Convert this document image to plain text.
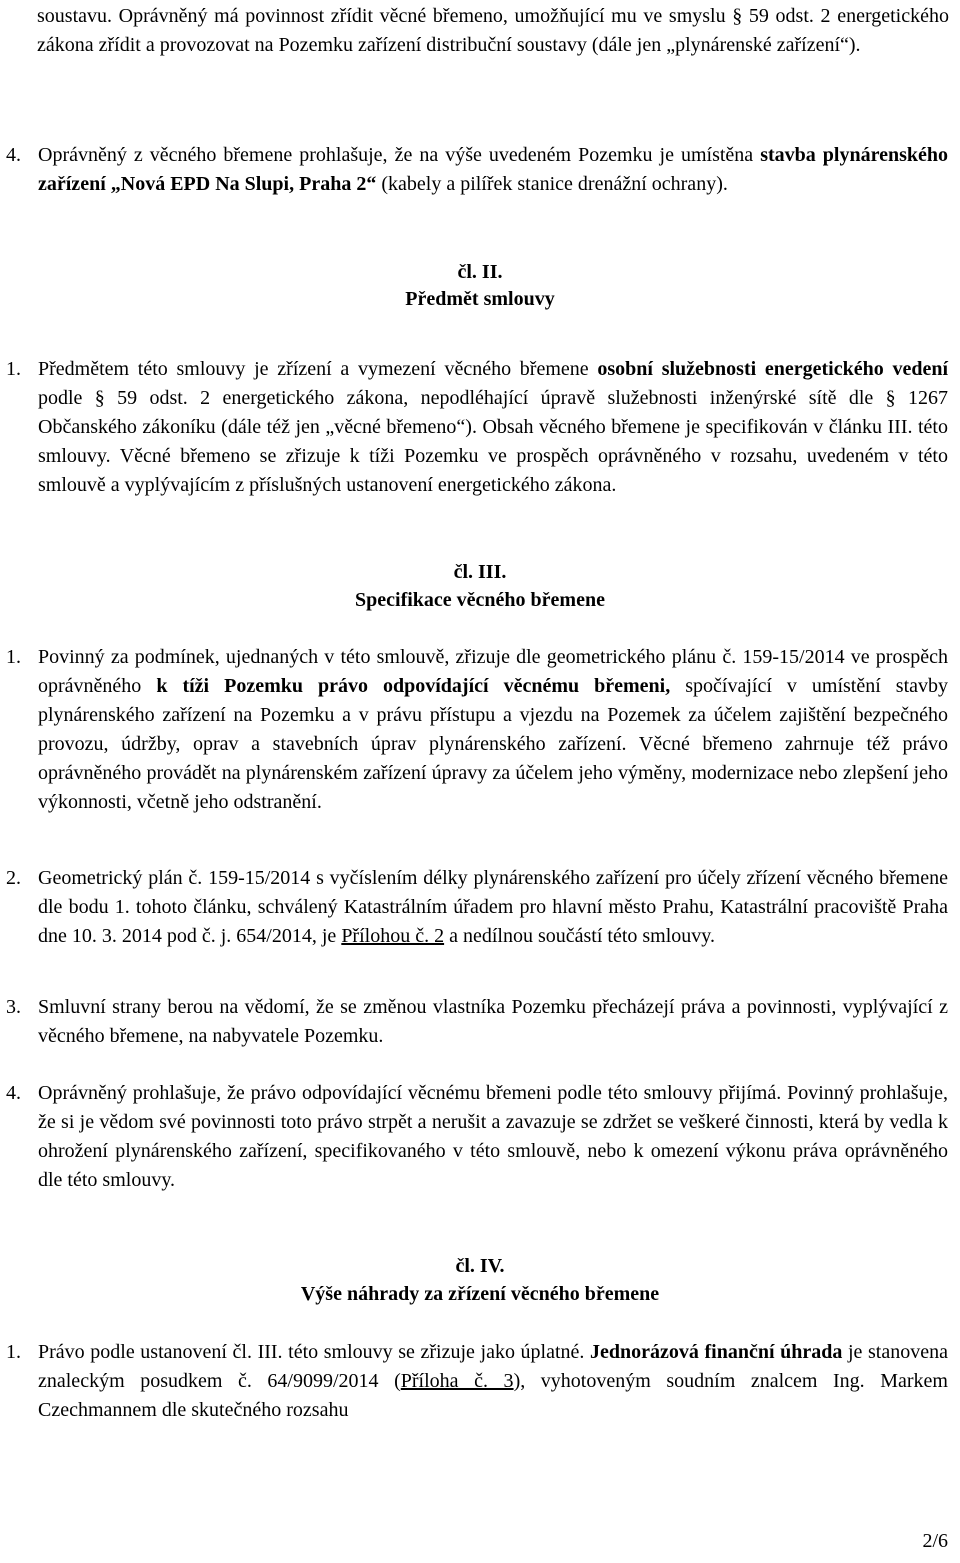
soustavu. Oprávněný má povinnost zřídit věcné břemeno, umožňující mu ve smyslu § 59 odst. 2 energetického zákona zřídit a provozovat na Pozemku zařízení distribuční soustavy (dále jen „plynárenské zařízení“).

4. Oprávněný z věcného břemene prohlašuje, že na výše uvedeném Pozemku je umístěna stavba plynárenského zařízení „Nová EPD Na Slupi, Praha 2“ (kabely a pilířek stanice drenážní ochrany).

čl. II.

Předmět smlouvy

1. Předmětem této smlouvy je zřízení a vymezení věcného břemene osobní služebnosti energetického vedení podle § 59 odst. 2 energetického zákona, nepodléhající úpravě služebnosti inženýrské sítě dle § 1267 Občanského zákoníku (dále též jen „věcné břemeno“). Obsah věcného břemene je specifikován v článku III. této smlouvy. Věcné břemeno se zřizuje k tíži Pozemku ve prospěch oprávněného v rozsahu, uvedeném v této smlouvě a vyplývajícím z příslušných ustanovení energetického zákona.

čl. III.

Specifikace věcného břemene

1. Povinný za podmínek, ujednaných v této smlouvě, zřizuje dle geometrického plánu č. 159-15/2014 ve prospěch oprávněného k tíži Pozemku právo odpovídající věcnému břemeni, spočívající v umístění stavby plynárenského zařízení na Pozemku a v právu přístupu a vjezdu na Pozemek za účelem zajištění bezpečného provozu, údržby, oprav a stavebních úprav plynárenského zařízení. Věcné břemeno zahrnuje též právo oprávněného provádět na plynárenském zařízení úpravy za účelem jeho výměny, modernizace nebo zlepšení jeho výkonnosti, včetně jeho odstranění.

2. Geometrický plán č. 159-15/2014 s vyčíslením délky plynárenského zařízení pro účely zřízení věcného břemene dle bodu 1. tohoto článku, schválený Katastrálním úřadem pro hlavní město Prahu, Katastrální pracoviště Praha dne 10. 3. 2014 pod č. j. 654/2014, je Přílohou č. 2 a nedílnou součástí této smlouvy.

3. Smluvní strany berou na vědomí, že se změnou vlastníka Pozemku přecházejí práva a povinnosti, vyplývající z věcného břemene, na nabyvatele Pozemku.

4. Oprávněný prohlašuje, že právo odpovídající věcnému břemeni podle této smlouvy přijímá. Povinný prohlašuje, že si je vědom své povinnosti toto právo strpět a nerušit a zavazuje se zdržet se veškeré činnosti, která by vedla k ohrožení plynárenského zařízení, specifikovaného v této smlouvě, nebo k omezení výkonu práva oprávněného dle této smlouvy.

čl. IV.

Výše náhrady za zřízení věcného břemene

1. Právo podle ustanovení čl. III. této smlouvy se zřizuje jako úplatné. Jednorázová finanční úhrada je stanovena znaleckým posudkem č. 64/9099/2014 (Příloha č. 3), vyhotoveným soudním znalcem Ing. Markem Czechmannem dle skutečného rozsahu

2/6
